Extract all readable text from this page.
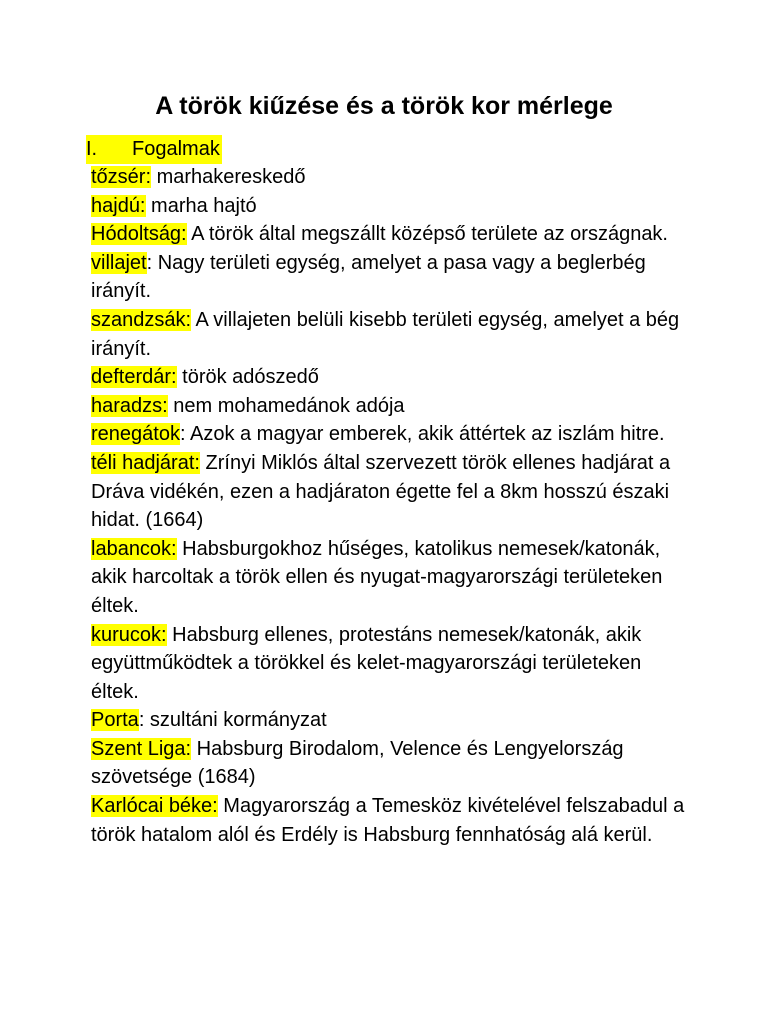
A török kiűzése és a török kor mérlege
I. Fogalmak

tőzsér: marhakereskedő

hajdú: marha hajtó

Hódoltság: A török által megszállt középső területe az országnak.

villajet: Nagy területi egység, amelyet a pasa vagy a beglerbég irányít.

szandzsák: A villajeten belüli kisebb területi egység, amelyet a bég irányít.

defterdár: török adószedő

haradzs: nem mohamedánok adója

renegátok: Azok a magyar emberek, akik áttértek az iszlám hitre.

téli hadjárat: Zrínyi Miklós által szervezett török ellenes hadjárat a Dráva vidékén, ezen a hadjáraton égette fel a 8km hosszú északi hidat. (1664)

labancok: Habsburgokhoz hűséges, katolikus nemesek/katonák, akik harcoltak a török ellen és nyugat-magyarországi területeken éltek.

kurucok: Habsburg ellenes, protestáns nemesek/katonák, akik együttműködtek a törökkel és kelet-magyarországi területeken éltek.

Porta: szultáni kormányzat

Szent Liga: Habsburg Birodalom, Velence és Lengyelország szövetsége (1684)

Karlócai béke: Magyarország a Temesköz kivételével felszabadul a török hatalom alól és Erdély is Habsburg fennhatóság alá kerül.
